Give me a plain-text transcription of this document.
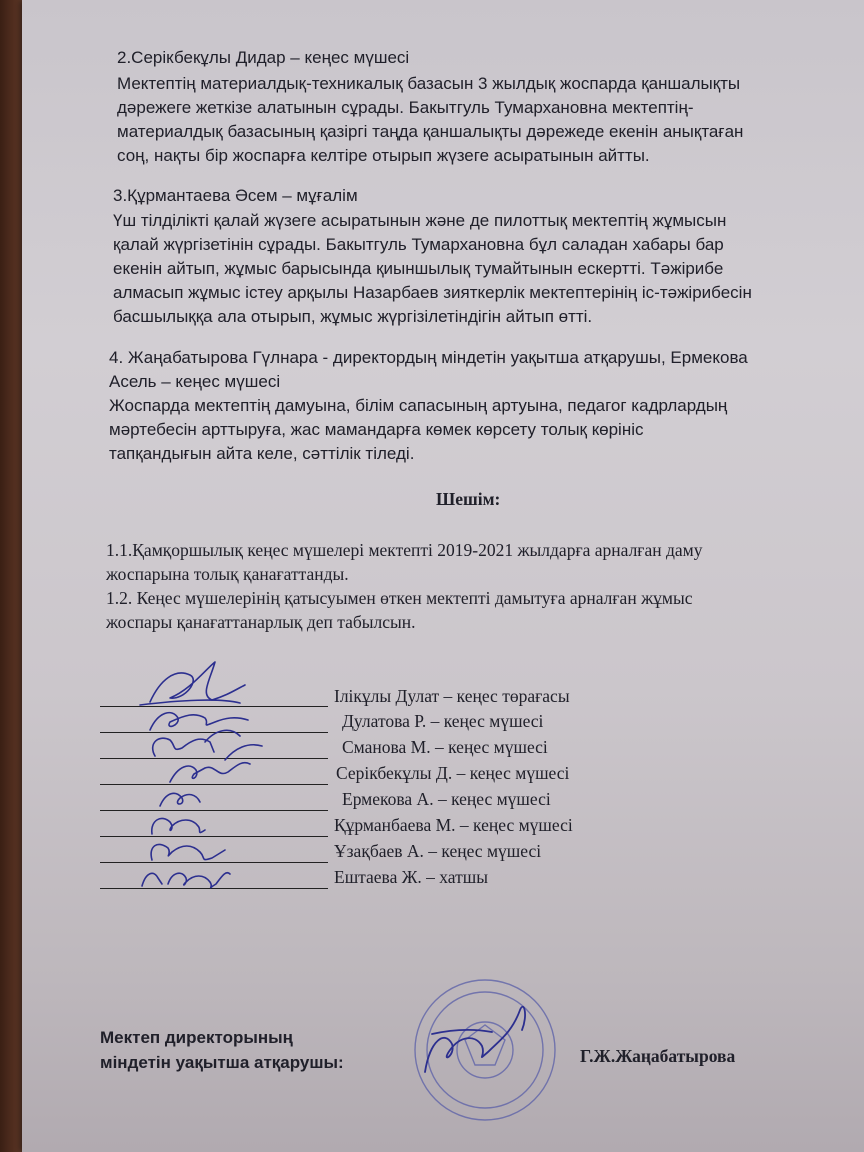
2.Серікбекұлы Дидар – кеңес мүшесі
Мектептің материалдық-техникалық базасын 3 жылдық жоспарда қаншалықты
дәрежеге жеткізе алатынын сұрады. Бакытгуль Тумархановна мектептің-
материалдық базасының қазіргі таңда қаншалықты дәрежеде екенін анықтаған
соң, нақты бір жоспарға келтіре отырып жүзеге асыратынын айтты.
3.Құрмантаева Әсем – мұғалім
Үш тілділікті қалай жүзеге асыратынын және де пилоттық мектептің жұмысын
қалай жүргізетінін сұрады. Бакытгуль Тумархановна бұл саладан хабары бар
екенін айтып, жұмыс барысында қиыншылық тумайтынын ескертті. Тәжірибе
алмасып жұмыс істеу арқылы Назарбаев зияткерлік мектептерінің іс-тәжірибесін
басшылыққа ала отырып, жұмыс жүргізілетіндігін айтып өтті.
4. Жаңабатырова Гүлнара - директордың міндетін уақытша атқарушы, Ермекова
Асель – кеңес мүшесі
Жоспарда мектептің дамуына, білім сапасының артуына, педагог кадрлардың
мәртебесін арттыруға, жас мамандарға көмек көрсету толық көрініс
тапқандығын айта келе, сәттілік тіледі.
Шешім:
1.1.Қамқоршылық кеңес мүшелері мектепті 2019-2021 жылдарға арналған даму
жоспарына толық қанағаттанды.
1.2. Кеңес мүшелерінің қатысуымен өткен мектепті дамытуға арналған жұмыс
жоспары қанағаттанарлық деп табылсын.
Ілікұлы Дулат – кеңес төрағасы
Дулатова Р. – кеңес мүшесі
Сманова М. – кеңес мүшесі
Серікбекұлы Д. – кеңес мүшесі
Ермекова А. – кеңес мүшесі
Құрманбаева М. – кеңес мүшесі
Ұзақбаев А. – кеңес мүшесі
Ештаева Ж. – хатшы
Мектеп директорының
міндетін уақытша атқарушы:	Г.Ж.Жаңабатырова
